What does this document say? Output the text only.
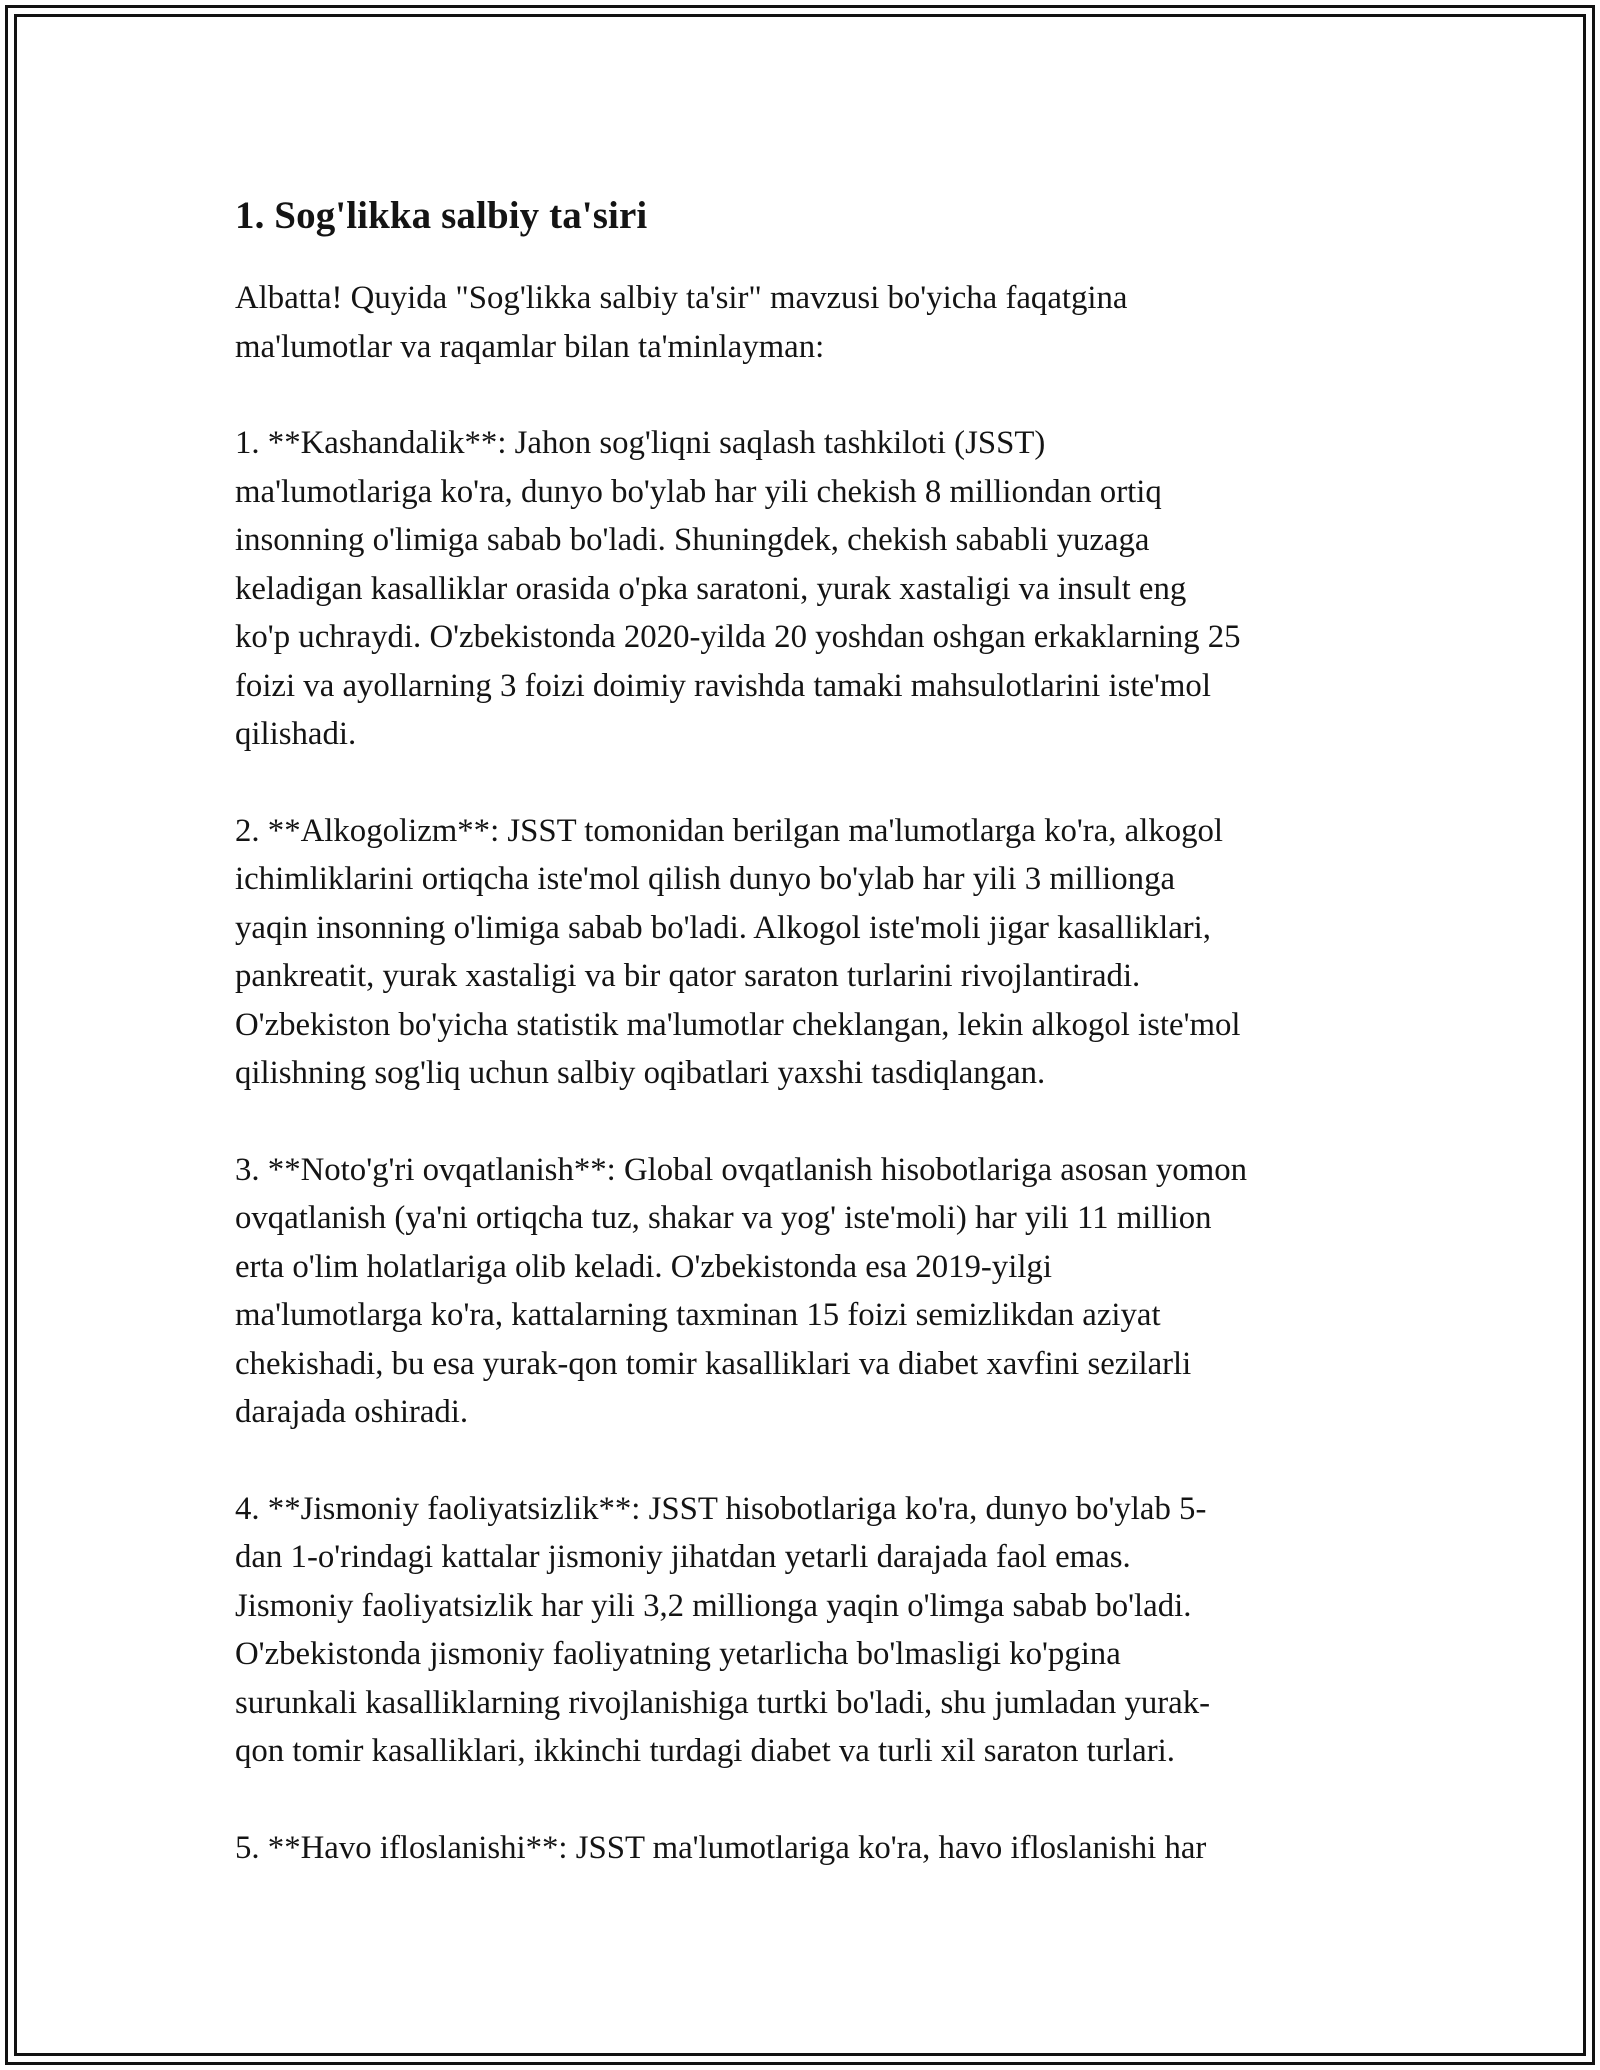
1. Sog'likka salbiy ta'siri

Albatta! Quyida "Sog'likka salbiy ta'sir" mavzusi bo'yicha faqatgina
ma'lumotlar va raqamlar bilan ta'minlayman:

1. **Kashandalik**: Jahon sog'liqni saqlash tashkiloti (JSST)
ma'lumotlariga ko'ra, dunyo bo'ylab har yili chekish 8 milliondan ortiq
insonning o'limiga sabab bo'ladi. Shuningdek, chekish sababli yuzaga
keladigan kasalliklar orasida o'pka saratoni, yurak xastaligi va insult eng
ko'p uchraydi. O'zbekistonda 2020-yilda 20 yoshdan oshgan erkaklarning 25
foizi va ayollarning 3 foizi doimiy ravishda tamaki mahsulotlarini iste'mol
qilishadi.

2. **Alkogolizm**: JSST tomonidan berilgan ma'lumotlarga ko'ra, alkogol
ichimliklarini ortiqcha iste'mol qilish dunyo bo'ylab har yili 3 millionga
yaqin insonning o'limiga sabab bo'ladi. Alkogol iste'moli jigar kasalliklari,
pankreatit, yurak xastaligi va bir qator saraton turlarini rivojlantiradi.
O'zbekiston bo'yicha statistik ma'lumotlar cheklangan, lekin alkogol iste'mol
qilishning sog'liq uchun salbiy oqibatlari yaxshi tasdiqlangan.

3. **Noto'g'ri ovqatlanish**: Global ovqatlanish hisobotlariga asosan yomon
ovqatlanish (ya'ni ortiqcha tuz, shakar va yog' iste'moli) har yili 11 million
erta o'lim holatlariga olib keladi. O'zbekistonda esa 2019-yilgi
ma'lumotlarga ko'ra, kattalarning taxminan 15 foizi semizlikdan aziyat
chekishadi, bu esa yurak-qon tomir kasalliklari va diabet xavfini sezilarli
darajada oshiradi.

4. **Jismoniy faoliyatsizlik**: JSST hisobotlariga ko'ra, dunyo bo'ylab 5-
dan 1-o'rindagi kattalar jismoniy jihatdan yetarli darajada faol emas.
Jismoniy faoliyatsizlik har yili 3,2 millionga yaqin o'limga sabab bo'ladi.
O'zbekistonda jismoniy faoliyatning yetarlicha bo'lmasligi ko'pgina
surunkali kasalliklarning rivojlanishiga turtki bo'ladi, shu jumladan yurak-
qon tomir kasalliklari, ikkinchi turdagi diabet va turli xil saraton turlari.

5. **Havo ifloslanishi**: JSST ma'lumotlariga ko'ra, havo ifloslanishi har
